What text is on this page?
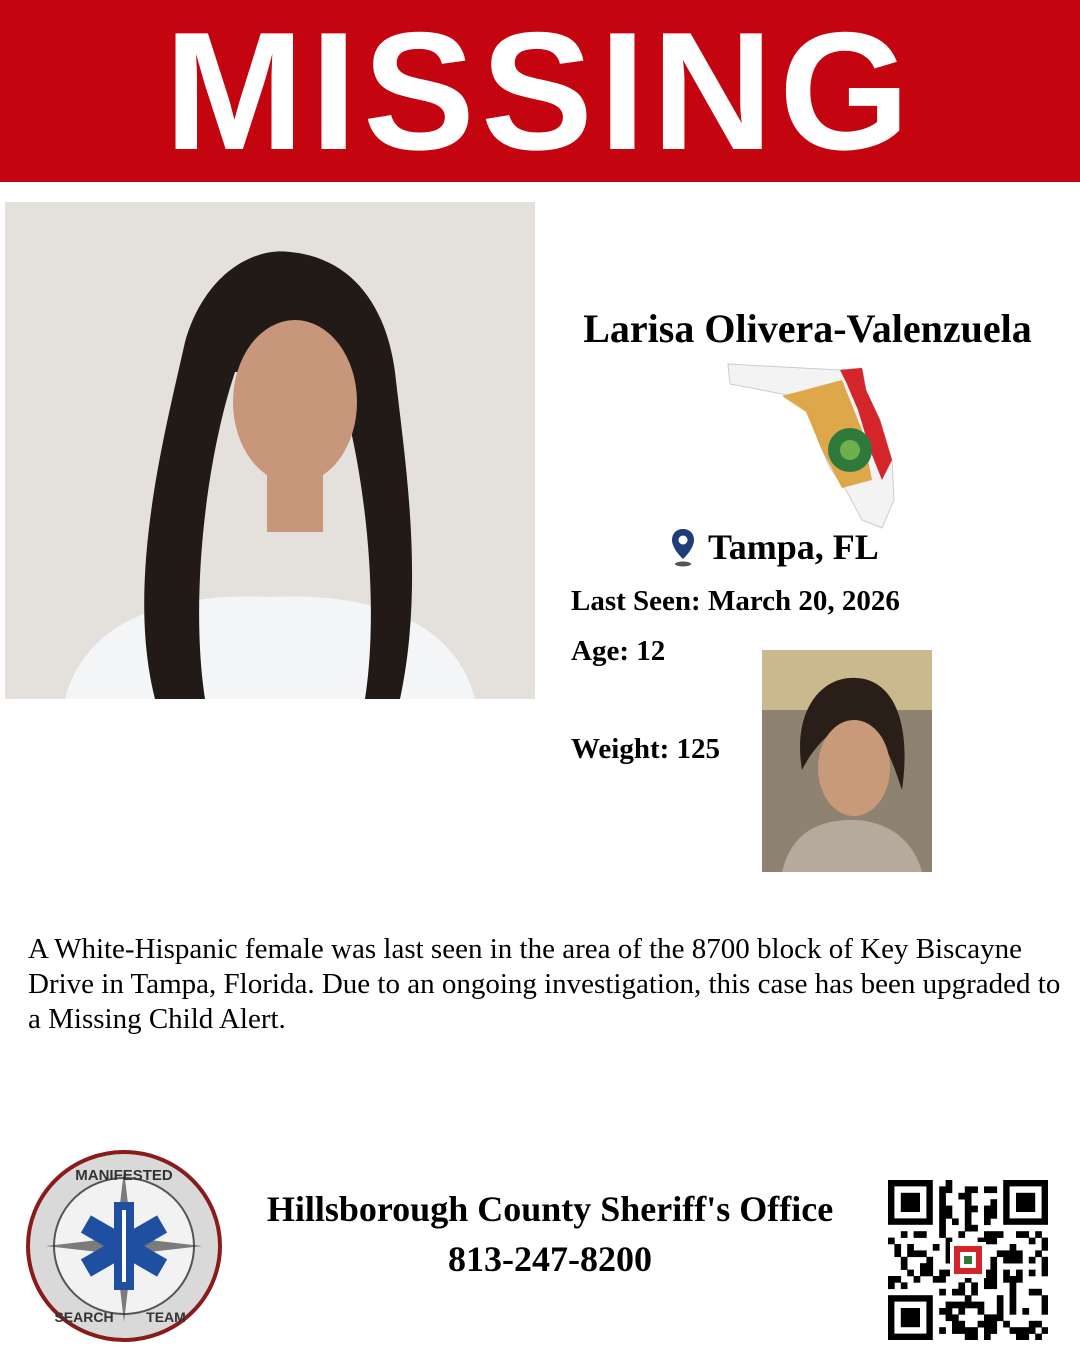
MISSING
Larisa Olivera-Valenzuela
Tampa, FL
Last Seen: March 20, 2026
Age: 12
Weight: 125
A White-Hispanic female was last seen in the area of the 8700 block of Key Biscayne Drive in Tampa, Florida. Due to an ongoing investigation, this case has been upgraded to a Missing Child Alert.
MANIFESTED
SEARCH TEAM
Hillsborough County Sheriff's Office
813-247-8200
